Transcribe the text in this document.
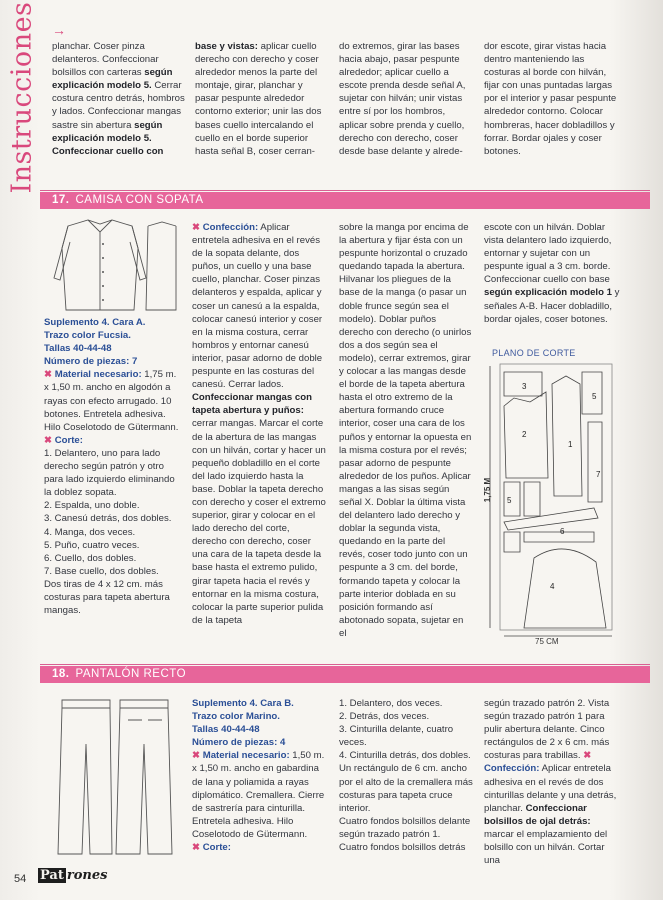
Instrucciones →

planchar. Coser pinza delanteros. Confeccionar bolsillos con carteras según explicación modelo 5. Cerrar costura centro detrás, hombros y lados. Confeccionar mangas sastre sin abertura según explicación modelo 5. Confeccionar cuello con

base y vistas: aplicar cuello derecho con derecho y coser alrededor menos la parte del montaje, girar, planchar y pasar pespunte alrededor contorno exterior; unir las dos bases cuello intercalando el cuello en el borde superior hasta señal B, coser cerran-

do extremos, girar las bases hacia abajo, pasar pespunte alrededor; aplicar cuello a escote prenda desde señal A, sujetar con hilván; unir vistas entre sí por los hombros, aplicar sobre prenda y cuello, derecho con derecho, coser desde base delante y alrede-

dor escote, girar vistas hacia dentro manteniendo las costuras al borde con hilván, fijar con unas puntadas largas por el interior y pasar pespunte alrededor contorno. Colocar hombreras, hacer dobladillos y forrar. Bordar ojales y coser botones.

17. CAMISA CON SOPATA

Suplemento 4. Cara A.

Trazo color Fucsia.

Tallas 40-44-48

Número de piezas: 7

✖ Material necesario: 1,75 m. x 1,50 m. ancho en algodón a rayas con efecto arrugado. 10 botones. Entretela adhesiva. Hilo Coselotodo de Gütermann.

✖ Corte:

1. Delantero, uno para lado derecho según patrón y otro para lado izquierdo eliminando la doblez sopata.

2. Espalda, uno doble.

3. Canesú detrás, dos dobles.

4. Manga, dos veces.

5. Puño, cuatro veces.

6. Cuello, dos dobles.

7. Base cuello, dos dobles.

Dos tiras de 4 x 12 cm. más costuras para tapeta abertura mangas.

✖ Confección: Aplicar entretela adhesiva en el revés de la sopata delante, dos puños, un cuello y una base cuello, planchar. Coser pinzas delanteros y espalda, aplicar y coser un canesú a la espalda, colocar canesú interior y coser en la misma costura, cerrar hombros y entornar canesú interior, pasar adorno de doble pespunte en las costuras del canesú. Cerrar lados. Confeccionar mangas con tapeta abertura y puños: cerrar mangas. Marcar el corte de la abertura de las mangas con un hilván, cortar y hacer un pequeño dobladillo en el corte del lado izquierdo hasta la base. Doblar la tapeta derecho con derecho y coser el extremo superior, girar y colocar en el lado derecho del corte, derecho con derecho, coser una cara de la tapeta desde la base hasta el extremo pulido, girar tapeta hacia el revés y entornar en la misma costura, colocar la parte superior pulida de la tapeta

sobre la manga por encima de la abertura y fijar ésta con un pespunte horizontal o cruzado quedando tapada la abertura. Hilvanar los pliegues de la base de la manga (o pasar un doble frunce según sea el modelo). Doblar puños derecho con derecho (o unirlos dos a dos según sea el modelo), cerrar extremos, girar y colocar a las mangas desde el borde de la tapeta abertura hasta el otro extremo de la abertura formando cruce interior, coser una cara de los puños y entornar la opuesta en la misma costura por el revés; pasar adorno de pespunte alrededor de los puños. Aplicar mangas a las sisas según señal X. Doblar la última vista del delantero lado derecho y doblar la segunda vista, quedando en la parte del revés, coser todo junto con un pespunte a 3 cm. del borde, formando tapeta y colocar la parte interior doblada en su posición formando así abotonado sopata, sujetar en el

escote con un hilván. Doblar vista delantero lado izquierdo, entornar y sujetar con un pespunte igual a 3 cm. borde. Confeccionar cuello con base según explicación modelo 1 y señales A-B. Hacer dobladillo, bordar ojales, coser botones.

PLANO DE CORTE
1,75 M
75 CM
3
5
2
1
7
5
6
4
18. PANTALÓN RECTO

Suplemento 4. Cara B.

Trazo color Marino.

Tallas 40-44-48

Número de piezas: 4

✖ Material necesario: 1,50 m. x 1,50 m. ancho en gabardina de lana y poliamida a rayas diplomático. Cremallera. Cierre de sastrería para cinturilla. Entretela adhesiva. Hilo Coselotodo de Gütermann.

✖ Corte:

1. Delantero, dos veces.

2. Detrás, dos veces.

3. Cinturilla delante, cuatro veces.

4. Cinturilla detrás, dos dobles. Un rectángulo de 6 cm. ancho por el alto de la cremallera más costuras para tapeta cruce interior.

Cuatro fondos bolsillos delante según trazado patrón 1.

Cuatro fondos bolsillos detrás

según trazado patrón 2. Vista según trazado patrón 1 para pulir abertura delante. Cinco rectángulos de 2 x 6 cm. más costuras para trabillas. ✖ Confección: Aplicar entretela adhesiva en el revés de dos cinturillas delante y una detrás, planchar. Confeccionar bolsillos de ojal detrás: marcar el emplazamiento del bolsillo con un hilván. Cortar una

54 Pat rones
